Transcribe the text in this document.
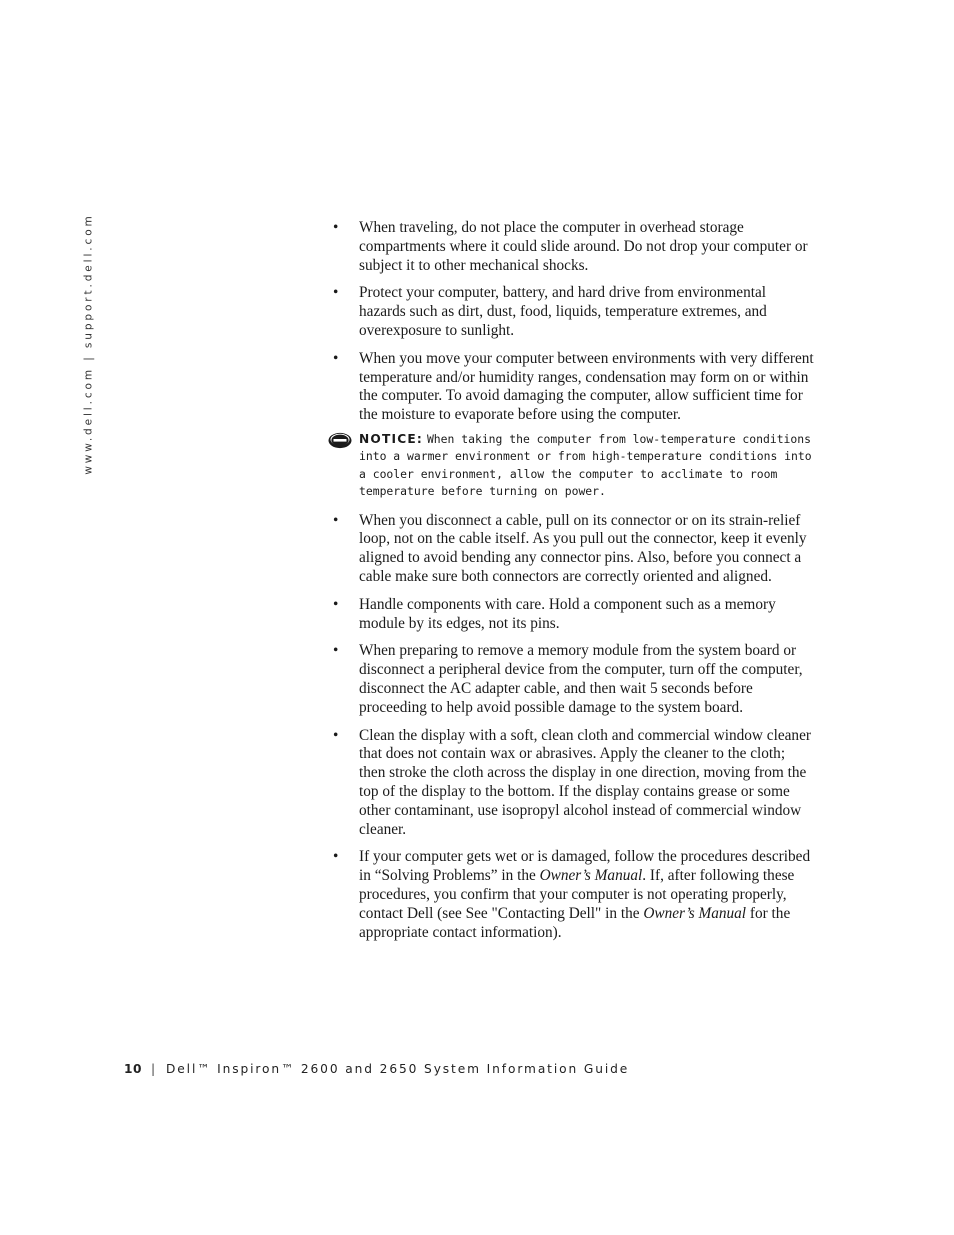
www.dell.com | support.dell.com	•	When traveling, do not place the computer in overhead storage compartments where it could slide around. Do not drop your computer or subject it to other mechanical shocks.
•	Protect your computer, battery, and hard drive from environmental hazards such as dirt, dust, food, liquids, temperature extremes, and overexposure to sunlight.
•	When you move your computer between environments with very different temperature and/or humidity ranges, condensation may form on or within the computer. To avoid damaging the computer, allow sufficient time for the moisture to evaporate before using the computer.
NOTICE: When taking the computer from low-temperature conditions into a warmer environment or from high-temperature conditions into a cooler environment, allow the computer to acclimate to room temperature before turning on power.
•	When you disconnect a cable, pull on its connector or on its strain-relief loop, not on the cable itself. As you pull out the connector, keep it evenly aligned to avoid bending any connector pins. Also, before you connect a cable make sure both connectors are correctly oriented and aligned.
•	Handle components with care. Hold a component such as a memory module by its edges, not its pins.
•	When preparing to remove a memory module from the system board or disconnect a peripheral device from the computer, turn off the computer, disconnect the AC adapter cable, and then wait 5 seconds before proceeding to help avoid possible damage to the system board.
•	Clean the display with a soft, clean cloth and commercial window cleaner that does not contain wax or abrasives. Apply the cleaner to the cloth; then stroke the cloth across the display in one direction, moving from the top of the display to the bottom. If the display contains grease or some other contaminant, use isopropyl alcohol instead of commercial window cleaner.
•	If your computer gets wet or is damaged, follow the procedures described in “Solving Problems” in the Owner’s Manual. If, after following these procedures, you confirm that your computer is not operating properly, contact Dell (see See "Contacting Dell" in the Owner’s Manual for the appropriate contact information).
10 | Dell™ Inspiron™ 2600 and 2650 System Information Guide
